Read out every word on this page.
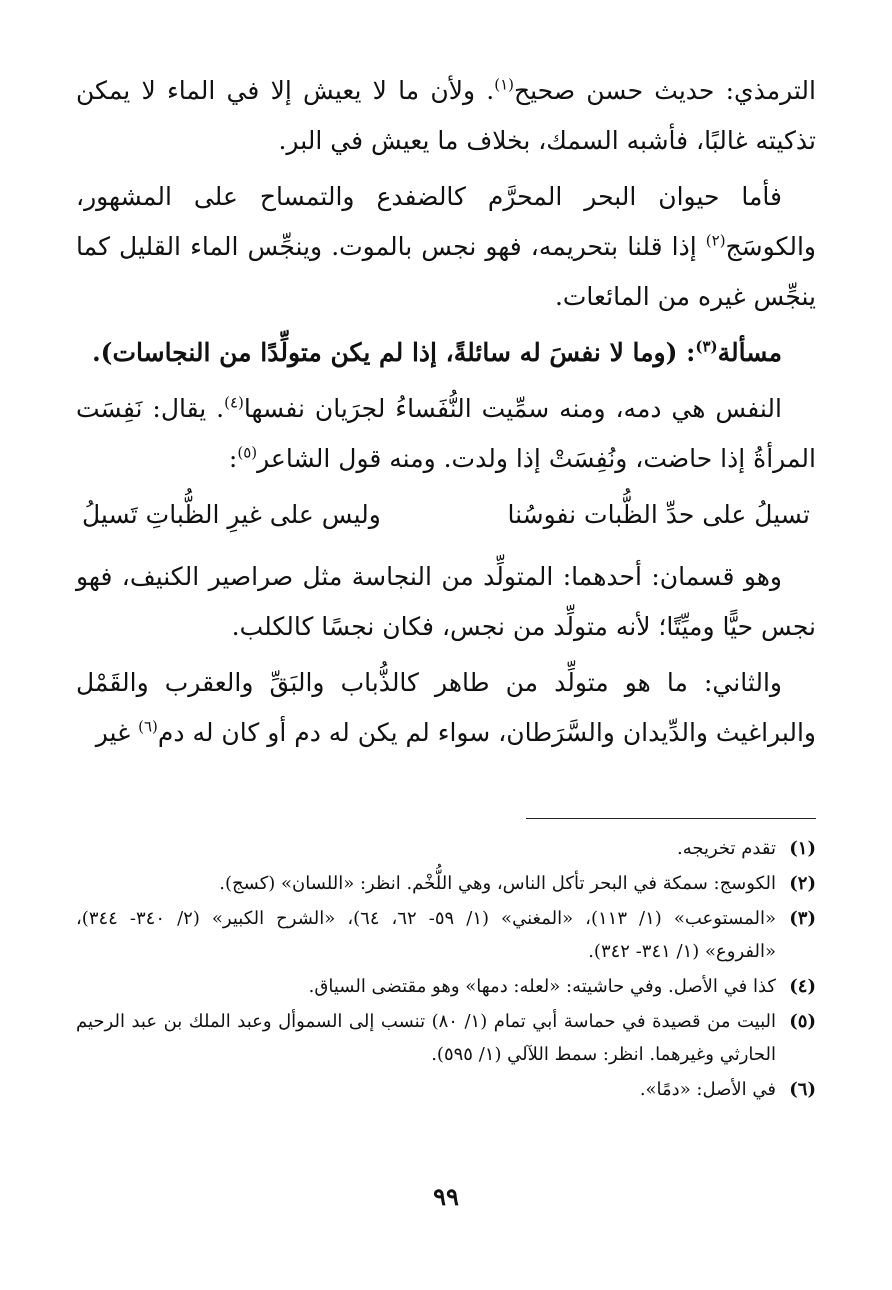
الترمذي: حديث حسن صحيح$^{(١)}$. ولأن ما لا يعيش إلا في الماء لا يمكن تذكيته غالبًا، فأشبه السمك، بخلاف ما يعيش في البر.

فأما حيوان البحر المحرَّم كالضفدع والتمساح على المشهور، والكوسَج$^{(٢)}$ إذا قلنا بتحريمه، فهو نجس بالموت. وينجِّس الماء القليل كما ينجِّس غيره من المائعات.

مسألة$^{(٣)}$: (وما لا نفسَ له سائلةً، إذا لم يكن متولِّدًا من النجاسات).

النفس هي دمه، ومنه سمِّيت النُّفَساءُ لجرَيان نفسها$^{(٤)}$. يقال: نَفِسَت المرأةُ إذا حاضت، ونُفِسَتْ إذا ولدت. ومنه قول الشاعر$^{(٥)}$:

تسيلُ على حدِّ الظُّبات نفوسُنا
وليس على غيرِ الظُّباتِ تَسيلُ

وهو قسمان: أحدهما: المتولِّد من النجاسة مثل صراصير الكنيف، فهو نجس حيًّا وميِّتًا؛ لأنه متولِّد من نجس، فكان نجسًا كالكلب.

والثاني: ما هو متولِّد من طاهر كالذُّباب والبَقِّ والعقرب والقَمْل والبراغيث والدِّيدان والسَّرَطان، سواء لم يكن له دم أو كان له دم$^{(٦)}$ غير

(١)
تقدم تخريجه.
(٢)
الكوسج: سمكة في البحر تأكل الناس، وهي اللُّخْم. انظر: «اللسان» (كسج).
(٣)
«المستوعب» (١/ ١١٣)، «المغني» (١/ ٥٩- ٦٢، ٦٤)، «الشرح الكبير» (٢/ ٣٤٠- ٣٤٤)، «الفروع» (١/ ٣٤١- ٣٤٢).
(٤)
كذا في الأصل. وفي حاشيته: «لعله: دمها» وهو مقتضى السياق.
(٥)
البيت من قصيدة في حماسة أبي تمام (١/ ٨٠) تنسب إلى السموأل وعبد الملك بن عبد الرحيم الحارثي وغيرهما. انظر: سمط اللآلي (١/ ٥٩٥).
(٦)
في الأصل: «دمًا».
٩٩
